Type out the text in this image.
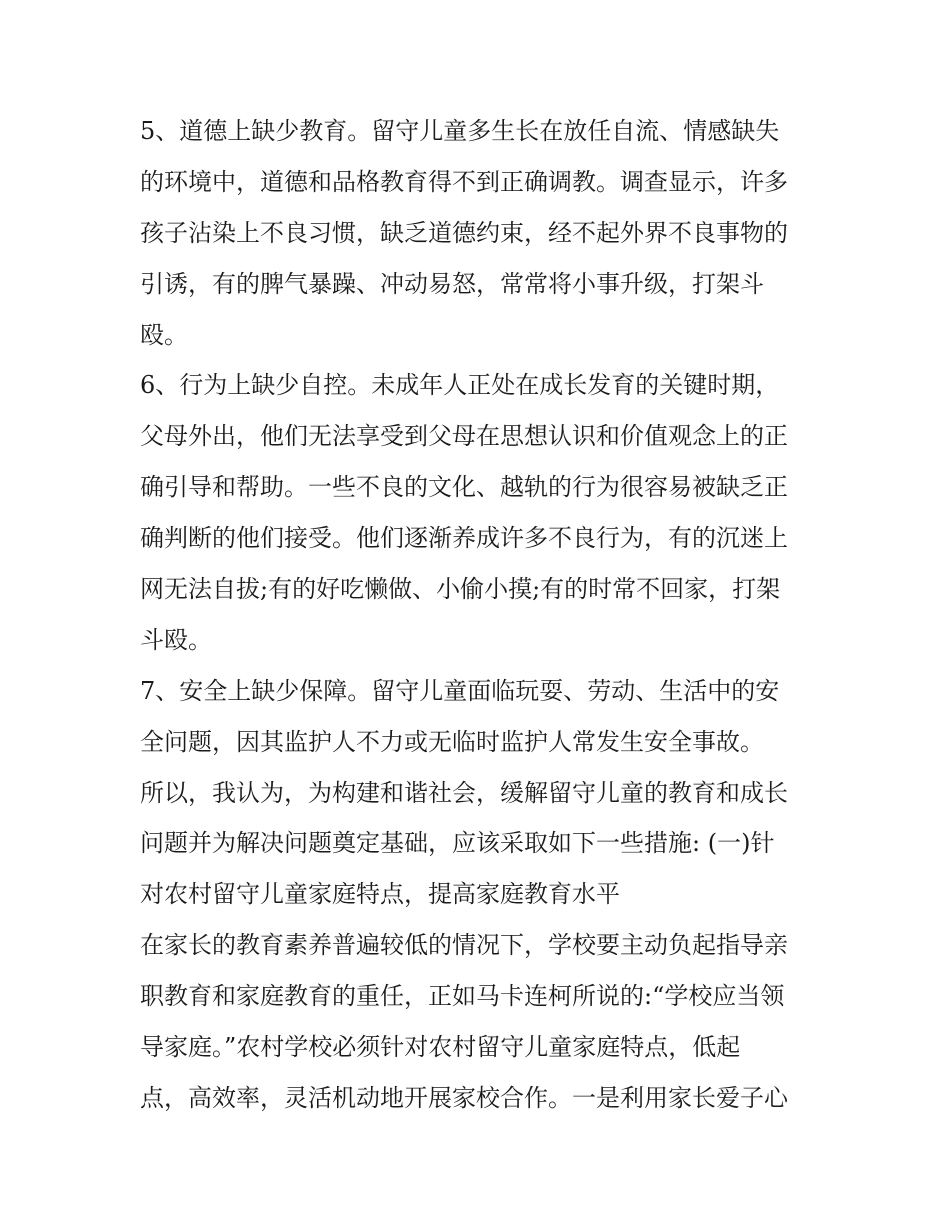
5、道德上缺少教育。留守儿童多生长在放任自流、情感缺失
的环境中，道德和品格教育得不到正确调教。调查显示，许多
孩子沾染上不良习惯，缺乏道德约束，经不起外界不良事物的
引诱，有的脾气暴躁、冲动易怒，常常将小事升级，打架斗
殴。
6、行为上缺少自控。未成年人正处在成长发育的关键时期，
父母外出，他们无法享受到父母在思想认识和价值观念上的正
确引导和帮助。一些不良的文化、越轨的行为很容易被缺乏正
确判断的他们接受。他们逐渐养成许多不良行为，有的沉迷上
网无法自拔;有的好吃懒做、小偷小摸;有的时常不回家，打架
斗殴。
7、安全上缺少保障。留守儿童面临玩耍、劳动、生活中的安
全问题，因其监护人不力或无临时监护人常发生安全事故。
所以，我认为，为构建和谐社会，缓解留守儿童的教育和成长
问题并为解决问题奠定基础，应该采取如下一些措施: (一)针
对农村留守儿童家庭特点，提高家庭教育水平
在家长的教育素养普遍较低的情况下，学校要主动负起指导亲
职教育和家庭教育的重任，正如马卡连柯所说的:“学校应当领
导家庭。”农村学校必须针对农村留守儿童家庭特点，低起
点，高效率，灵活机动地开展家校合作。一是利用家长爱子心
